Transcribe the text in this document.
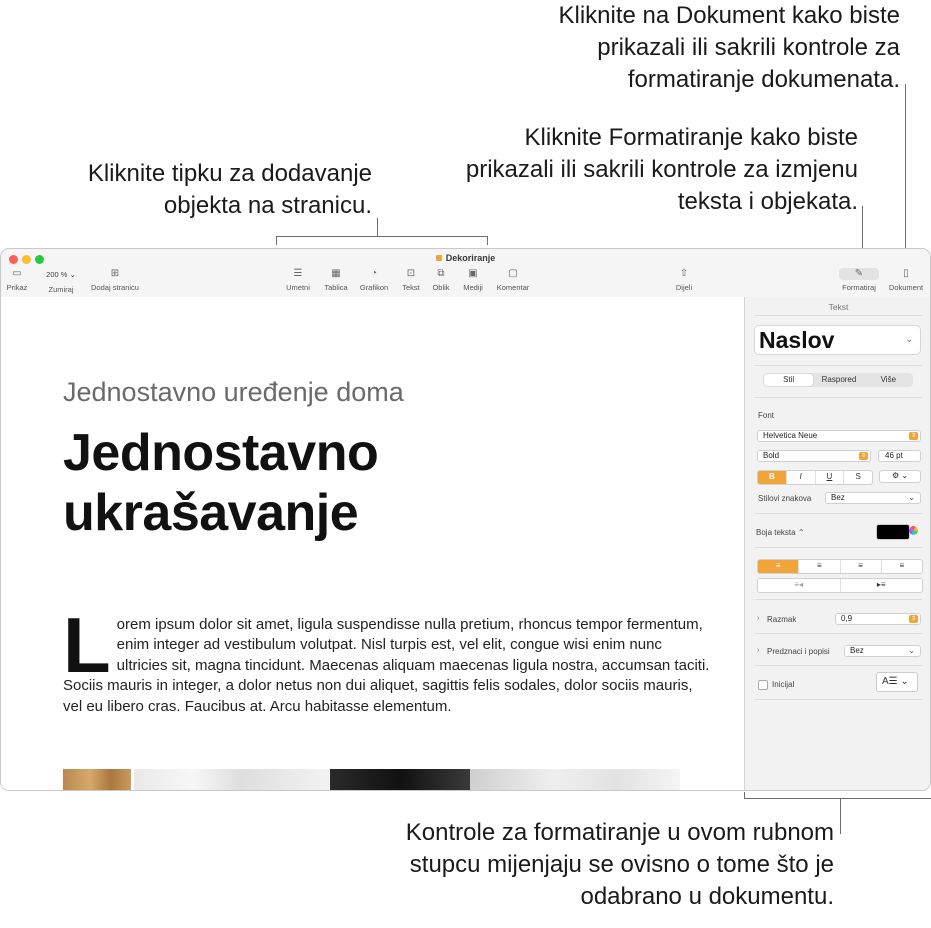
Kliknite na Dokument kako biste prikazali ili sakrili kontrole za formatiranje dokumenata.
Kliknite Formatiranje kako biste prikazali ili sakrili kontrole za izmjenu teksta i objekata.
Kliknite tipku za dodavanje objekta na stranicu.
Kontrole za formatiranje u ovom rubnom stupcu mijenjaju se ovisno o tome što je odabrano u dokumentu.
Dekoriranje
▭
Prikaz
200 % ⌄
Zumiraj
⊞
Dodaj stranicu
☰
Umetni
▦
Tablica
◔
Grafikon
⊡
Tekst
⧉
Oblik
▣
Mediji
▢
Komentar
⇧
Dijeli
✎
Formatiraj
▯
Dokument
Jednostavno uređenje doma
Jednostavno ukrašavanje
Lorem ipsum dolor sit amet, ligula suspendisse nulla pretium, rhoncus tempor fermentum, enim integer ad vestibulum volutpat. Nisl turpis est, vel elit, congue wisi enim nunc ultricies sit, magna tincidunt. Maecenas aliquam maecenas ligula nostra, accumsan taciti. Sociis mauris in integer, a dolor netus non dui aliquet, sagittis felis sodales, dolor sociis mauris, vel eu libero cras. Faucibus at. Arcu habitasse elementum.
Tekst
Naslov	⌄
Stil	Raspored	Više
Font
Helvetica Neue	⇕
Bold	⇕	46 pt
B	I	U	S	⚙ ⌄
Stilovi znakova	Bez	⌄
Boja teksta ⌃
≡	≡	≡	≡
≡◂	▸≡
› Razmak	0,9	⇕
› Predznaci i popisi	Bez	⌄
Inicijal	A☰ ⌄
